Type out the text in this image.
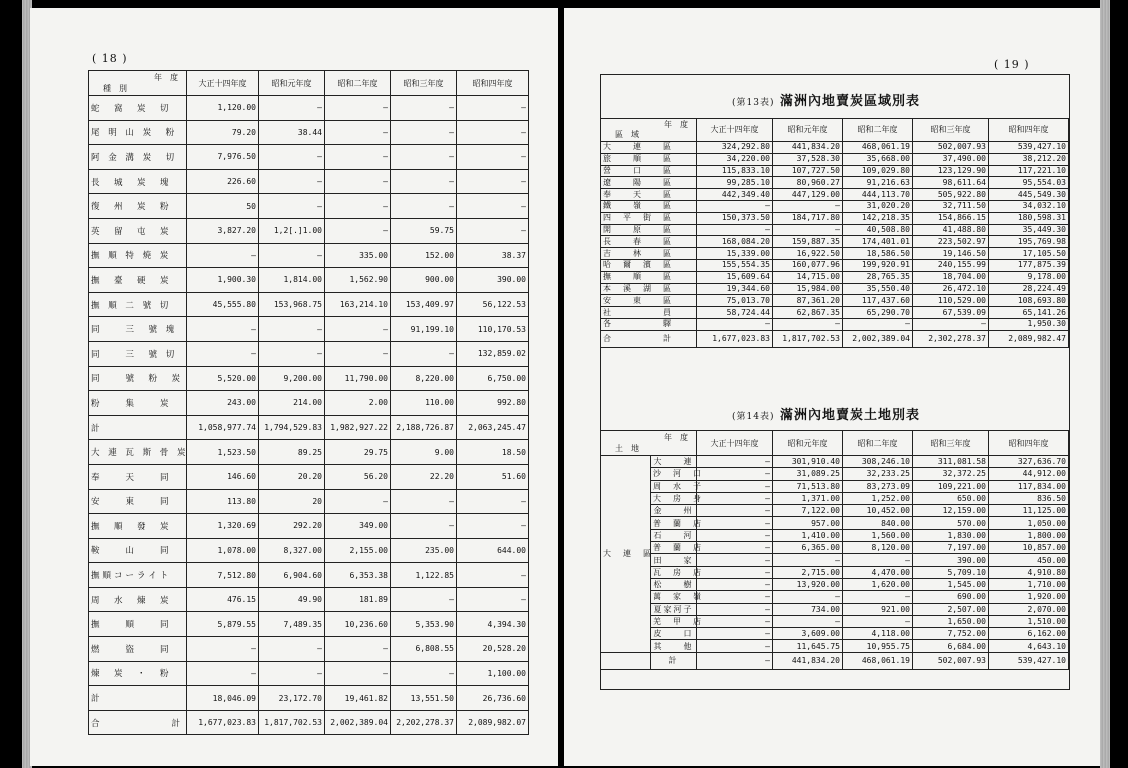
( 18 )
年　度
種　別	大正十四年度	昭和元年度	昭和二年度	昭和三年度	昭和四年度
蛇　窩　炭　切	1,120.00	—	—	—	—
尾 明 山 炭　粉	79.20	38.44	—	—	—
阿 金 溝 炭　切	7,976.50	—	—	—	—
長　城　炭　塊	226.60	—	—	—	—
復　州　炭　粉	50	—	—	—	—
英　留　屯　炭	3,827.20	1,2[.]1.00	—	59.75	—
撫 順 特 焼 炭	—	—	335.00	152.00	38.37
撫　臺　硬　炭	1,900.30	1,814.00	1,562.90	900.00	390.00
撫 順 二 號 切	45,555.80	153,968.75	163,214.10	153,409.97	56,122.53
同　　三　號 塊	—	—	—	91,199.10	110,170.53
同　　三　號 切	—	—	—	—	132,859.02
同　　號　粉　炭	5,520.00	9,200.00	11,790.00	8,220.00	6,750.00
粉　　集　　炭	243.00	214.00	2.00	110.00	992.80
計	1,058,977.74	1,794,529.83	1,982,927.22	2,188,726.87	2,063,245.47
大 連 瓦 斯 骨 炭	1,523.50	89.25	29.75	9.00	18.50
奉　　天　　同	146.60	20.20	56.20	22.20	51.60
安　　東　　同	113.80	20	—	—	—
撫　順　發　炭	1,320.69	292.20	349.00	—	—
鞍　　山　　同	1,078.00	8,327.00	2,155.00	235.00	644.00
撫順コーライト	7,512.80	6,904.60	6,353.38	1,122.85	—
周　水　煉　炭	476.15	49.90	181.89	—	—
撫　　順　　同	5,879.55	7,489.35	10,236.60	5,353.90	4,394.30
燃　　盜　　同	—	—	—	6,808.55	20,528.20
煉　炭　・　粉	—	—	—	—	1,100.00
計	18,046.09	23,172.70	19,461.82	13,551.50	26,736.60
合　　　　　　計	1,677,023.83	1,817,702.53	2,002,389.04	2,202,278.37	2,089,982.07
( 19 )
(第13表) 滿洲內地賣炭區域別表
年　度
區　域	大正十四年度	昭和元年度	昭和二年度	昭和三年度	昭和四年度
大　　連　　區	324,292.80	441,834.20	468,061.19	502,007.93	539,427.10
旅　　順　　區	34,220.00	37,528.30	35,668.00	37,490.00	38,212.20
營　　口　　區	115,833.10	107,727.50	109,029.80	123,129.90	117,221.10
遼　　陽　　區	99,285.10	80,960.27	91,216.63	98,611.64	95,554.03
奉　　天　　區	442,349.40	447,129.00	444,113.70	505,922.80	445,549.30
鐵　　嶺　　區	—	—	31,020.20	32,711.50	34,032.10
四　平　街　區	150,373.50	184,717.80	142,218.35	154,866.15	180,598.31
開　　原　　區	—	—	40,508.80	41,488.80	35,449.30
長　　春　　區	168,084.20	159,887.35	174,401.01	223,502.97	195,769.98
吉　　林　　區	15,339.00	16,922.50	18,586.50	19,146.50	17,105.50
哈　爾　濱　區	155,554.35	160,077.96	199,920.91	240,155.99	177,875.39
撫　　順　　區	15,609.64	14,715.00	28,765.35	18,704.00	9,178.00
本　溪　湖　區	19,344.60	15,984.00	35,550.40	26,472.10	28,224.49
安　　東　　區	75,013.70	87,361.20	117,437.60	110,529.00	108,693.80
社　　　　　員	58,724.44	62,867.35	65,290.70	67,539.09	65,141.26
各　　　　　驛	—	—	—	—	1,950.30
合　　　　　計	1,677,023.83	1,817,702.53	2,002,389.04	2,302,278.37	2,089,982.47
(第14表) 滿洲內地賣炭土地別表
年　度
土　地		大正十四年度	昭和元年度	昭和二年度	昭和三年度	昭和四年度
大　連　區	大　　連	—	301,910.40	308,246.10	311,081.58	327,636.70
	沙　河　口	—	31,089.25	32,233.25	32,372.25	44,912.00
	周　水　子	—	71,513.80	83,273.09	109,221.00	117,834.00
	大　房　身	—	1,371.00	1,252.00	650.00	836.50
	金　　州	—	7,122.00	10,452.00	12,159.00	11,125.00
	普　蘭　店	—	957.00	840.00	570.00	1,050.00
	石　　河	—	1,410.00	1,560.00	1,830.00	1,800.00
	普　蘭　店	—	6,365.00	8,120.00	7,197.00	10,857.00
	田　　家	—	—	—	390.00	450.00
	瓦　房　店	—	2,715.00	4,470.00	5,709.10	4,910.80
	松　　樹	—	13,920.00	1,620.00	1,545.00	1,710.00
	萬　家　嶺	—	—	—	690.00	1,920.00
	夏家河子	—	734.00	921.00	2,507.00	2,070.00
	羌　甲　店	—	—	—	1,650.00	1,510.00
	皮　　口	—	3,609.00	4,118.00	7,752.00	6,162.00
	其　　他	—	11,645.75	10,955.75	6,684.00	4,643.10
	計	—	441,834.20	468,061.19	502,007.93	539,427.10
